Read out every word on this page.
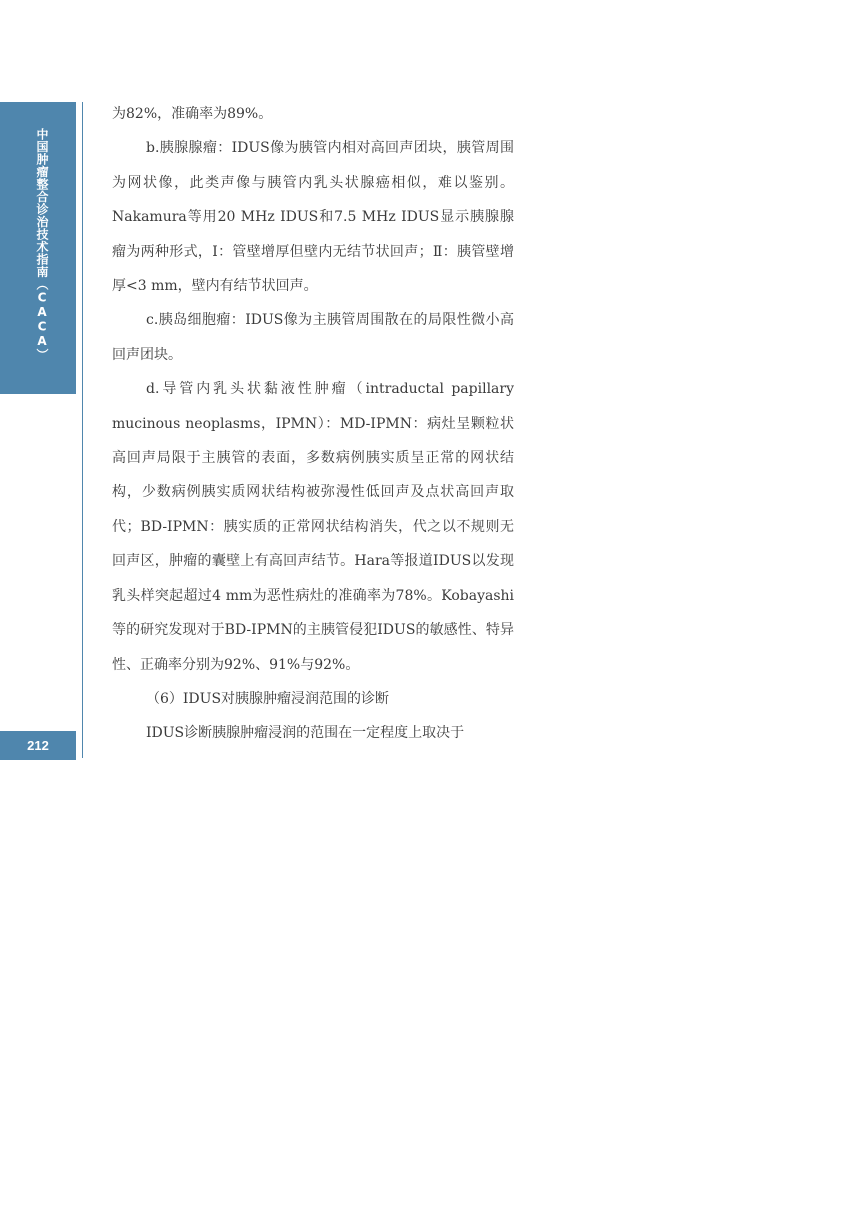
中国肿瘤整合诊治技术指南（CACA）
212

为82%，准确率为89%。

b.胰腺腺瘤：IDUS像为胰管内相对高回声团块，胰管周围为网状像，此类声像与胰管内乳头状腺癌相似，难以鉴别。Nakamura等用20 MHz IDUS和7.5 MHz IDUS显示胰腺腺瘤为两种形式，Ⅰ：管壁增厚但壁内无结节状回声；Ⅱ：胰管壁增厚<3 mm，壁内有结节状回声。

c.胰岛细胞瘤：IDUS像为主胰管周围散在的局限性微小高回声团块。

d.导管内乳头状黏液性肿瘤（intraductal papillary mucinous neoplasms，IPMN）：MD-IPMN：病灶呈颗粒状高回声局限于主胰管的表面，多数病例胰实质呈正常的网状结构，少数病例胰实质网状结构被弥漫性低回声及点状高回声取代；BD-IPMN：胰实质的正常网状结构消失，代之以不规则无回声区，肿瘤的囊壁上有高回声结节。Hara等报道IDUS以发现乳头样突起超过4 mm为恶性病灶的准确率为78%。Kobayashi等的研究发现对于BD-IPMN的主胰管侵犯IDUS的敏感性、特异性、正确率分别为92%、91%与92%。

（6）IDUS对胰腺肿瘤浸润范围的诊断

IDUS诊断胰腺肿瘤浸润的范围在一定程度上取决于
